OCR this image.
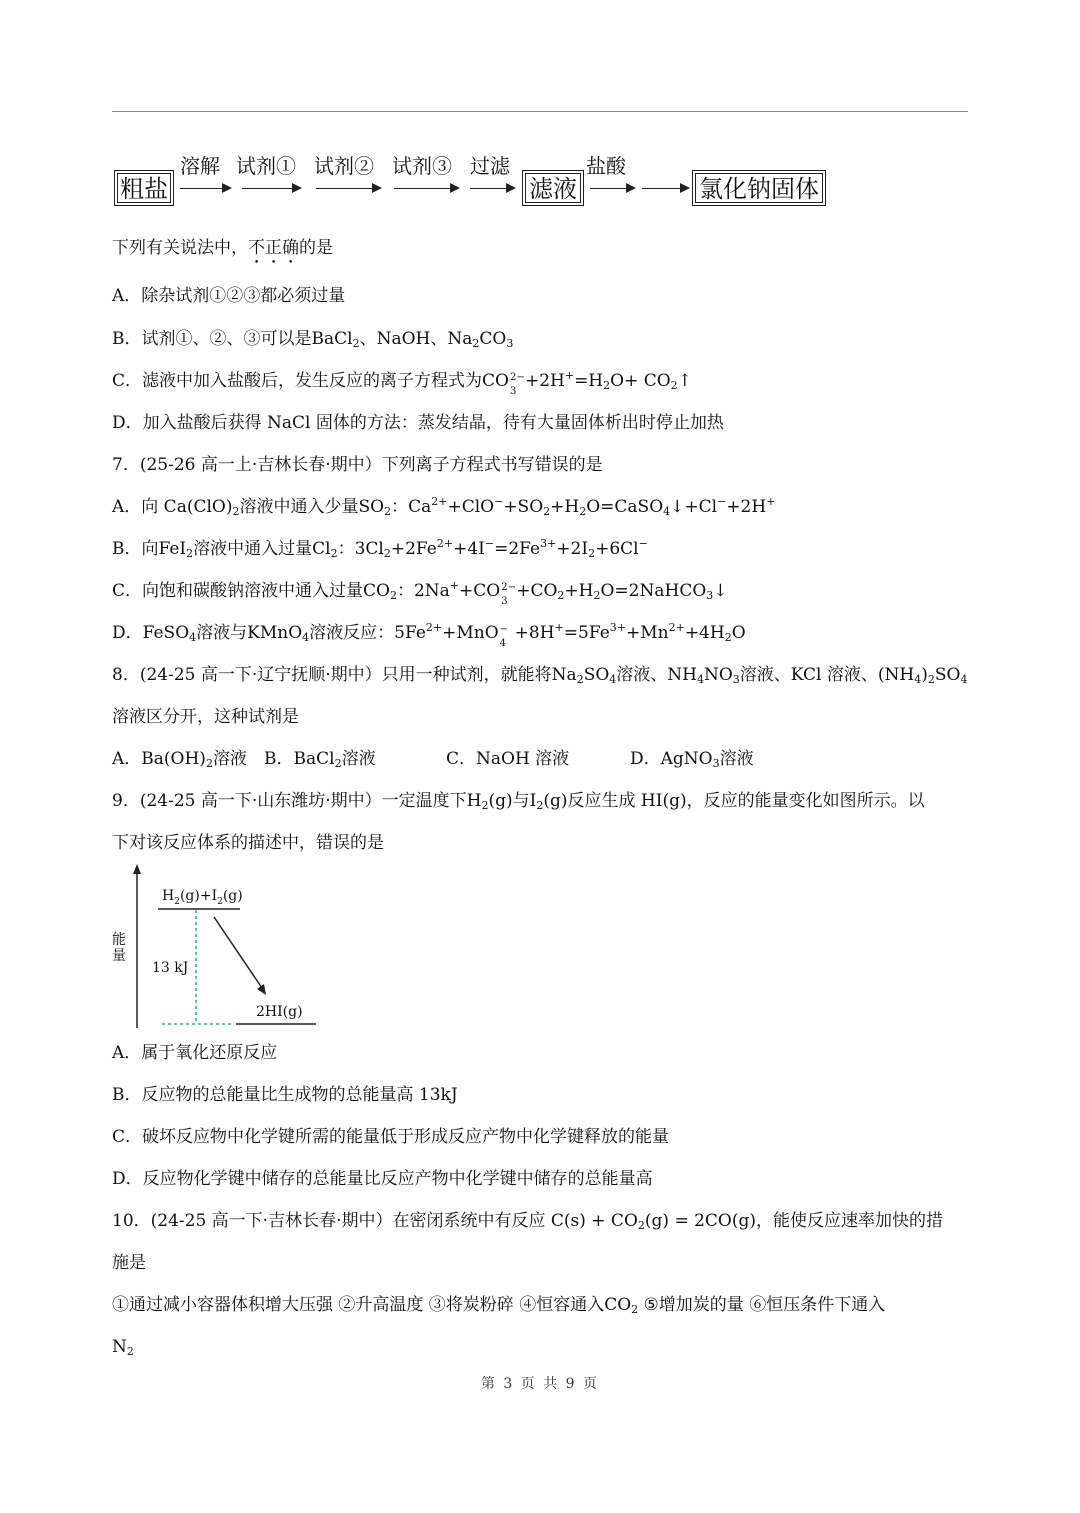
粗盐
溶解 试剂① 试剂② 试剂③ 过滤
滤液
盐酸
氯化钠固体
下列有关说法中，不正确的是
A．除杂试剂①②③都必须过量
B．试剂①、②、③可以是BaCl$_2$、NaOH、$Na_2CO_3$
C．滤液中加入盐酸后，发生反应的离子方程式为CO 2−
3
$+2H^+=H_2O+$ $CO_2↑$
D．加入盐酸后获得 NaCl 固体的方法：蒸发结晶，待有大量固体析出时停止加热
7．(25-26 高一上·吉林长春·期中）下列离子方程式书写错误的是
A．向 $Ca(ClO)_2$溶液中通入少量$SO_2$：$Ca^{2+}+ClO^-+SO_2+H_2O=CaSO_4↓+Cl^-+2H^+$
B．向FeI$_2$溶液中通入过量$Cl_2$：$3Cl_2+2Fe^{2+}+4I^-=2Fe^{3+}+2I_2+6Cl^-$
C．向饱和碳酸钠溶液中通入过量$CO_2$：2Na++CO 2−
3
$+CO_2+H_2O=2NaHCO_3↓$
D．FeSO$_4$溶液与KMnO$_4$溶液反应：$5Fe^{2+}+MnO$ −
4
$+8H^+=5Fe^{3+}+Mn^{2+}+4H_2O$
8．(24-25 高一下·辽宁抚顺·期中）只用一种试剂，就能将$Na_2SO_4$溶液、$NH_4NO_3$溶液、KCl 溶液、$(NH_4)_2SO_4$
溶液区分开，这种试剂是
A．$Ba(OH)_2$溶液 B．BaCl$_2$溶液	C．NaOH 溶液	D．AgNO$_3$溶液
9．(24-25 高一下·山东潍坊·期中）一定温度下$H_2(g)$与$I_2(g)$反应生成 HI(g)，反应的能量变化如图所示。以
下对该反应体系的描述中，错误的是
能量
$H_2(g)+I_2(g)$
13 kJ
2HI(g)
A．属于氧化还原反应
B．反应物的总能量比生成物的总能量高 13kJ
C．破坏反应物中化学键所需的能量低于形成反应产物中化学键释放的能量
D．反应物化学键中储存的总能量比反应产物中化学键中储存的总能量高
10．(24-25 高一下·吉林长春·期中）在密闭系统中有反应 $C(s) + CO_2(g) = 2CO(g)$，能使反应速率加快的措
施是
①通过减小容器体积增大压强 ②升高温度 ③将炭粉碎 ④恒容通入$CO_2$ ⑤增加炭的量 ⑥恒压条件下通入
$N_2$
第 3 页 共 9 页
